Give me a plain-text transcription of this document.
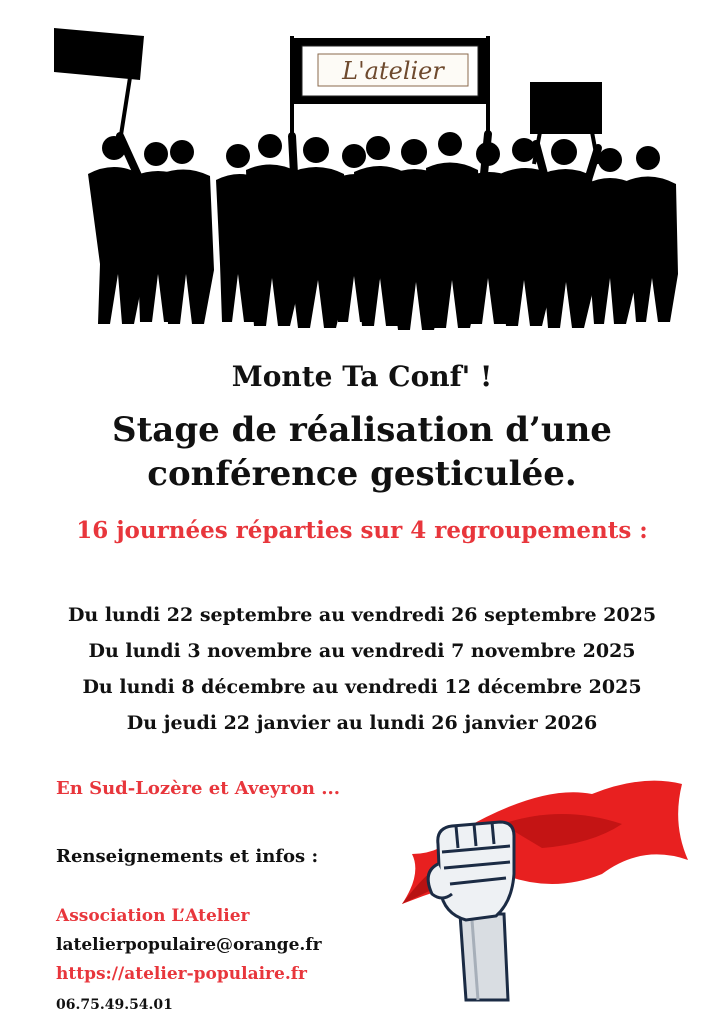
L'atelier
Monte Ta Conf' !
Stage de réalisation d’une conférence gesticulée.
16 journées réparties sur 4 regroupements :
Du lundi 22 septembre au vendredi 26 septembre 2025
Du lundi 3 novembre au vendredi 7 novembre 2025
Du lundi 8 décembre au vendredi 12 décembre 2025
Du jeudi 22 janvier au lundi 26 janvier 2026
En Sud-Lozère et Aveyron ...
Renseignements et infos :
Association L’Atelier
latelierpopulaire@orange.fr
https://atelier-populaire.fr
06.75.49.54.01
